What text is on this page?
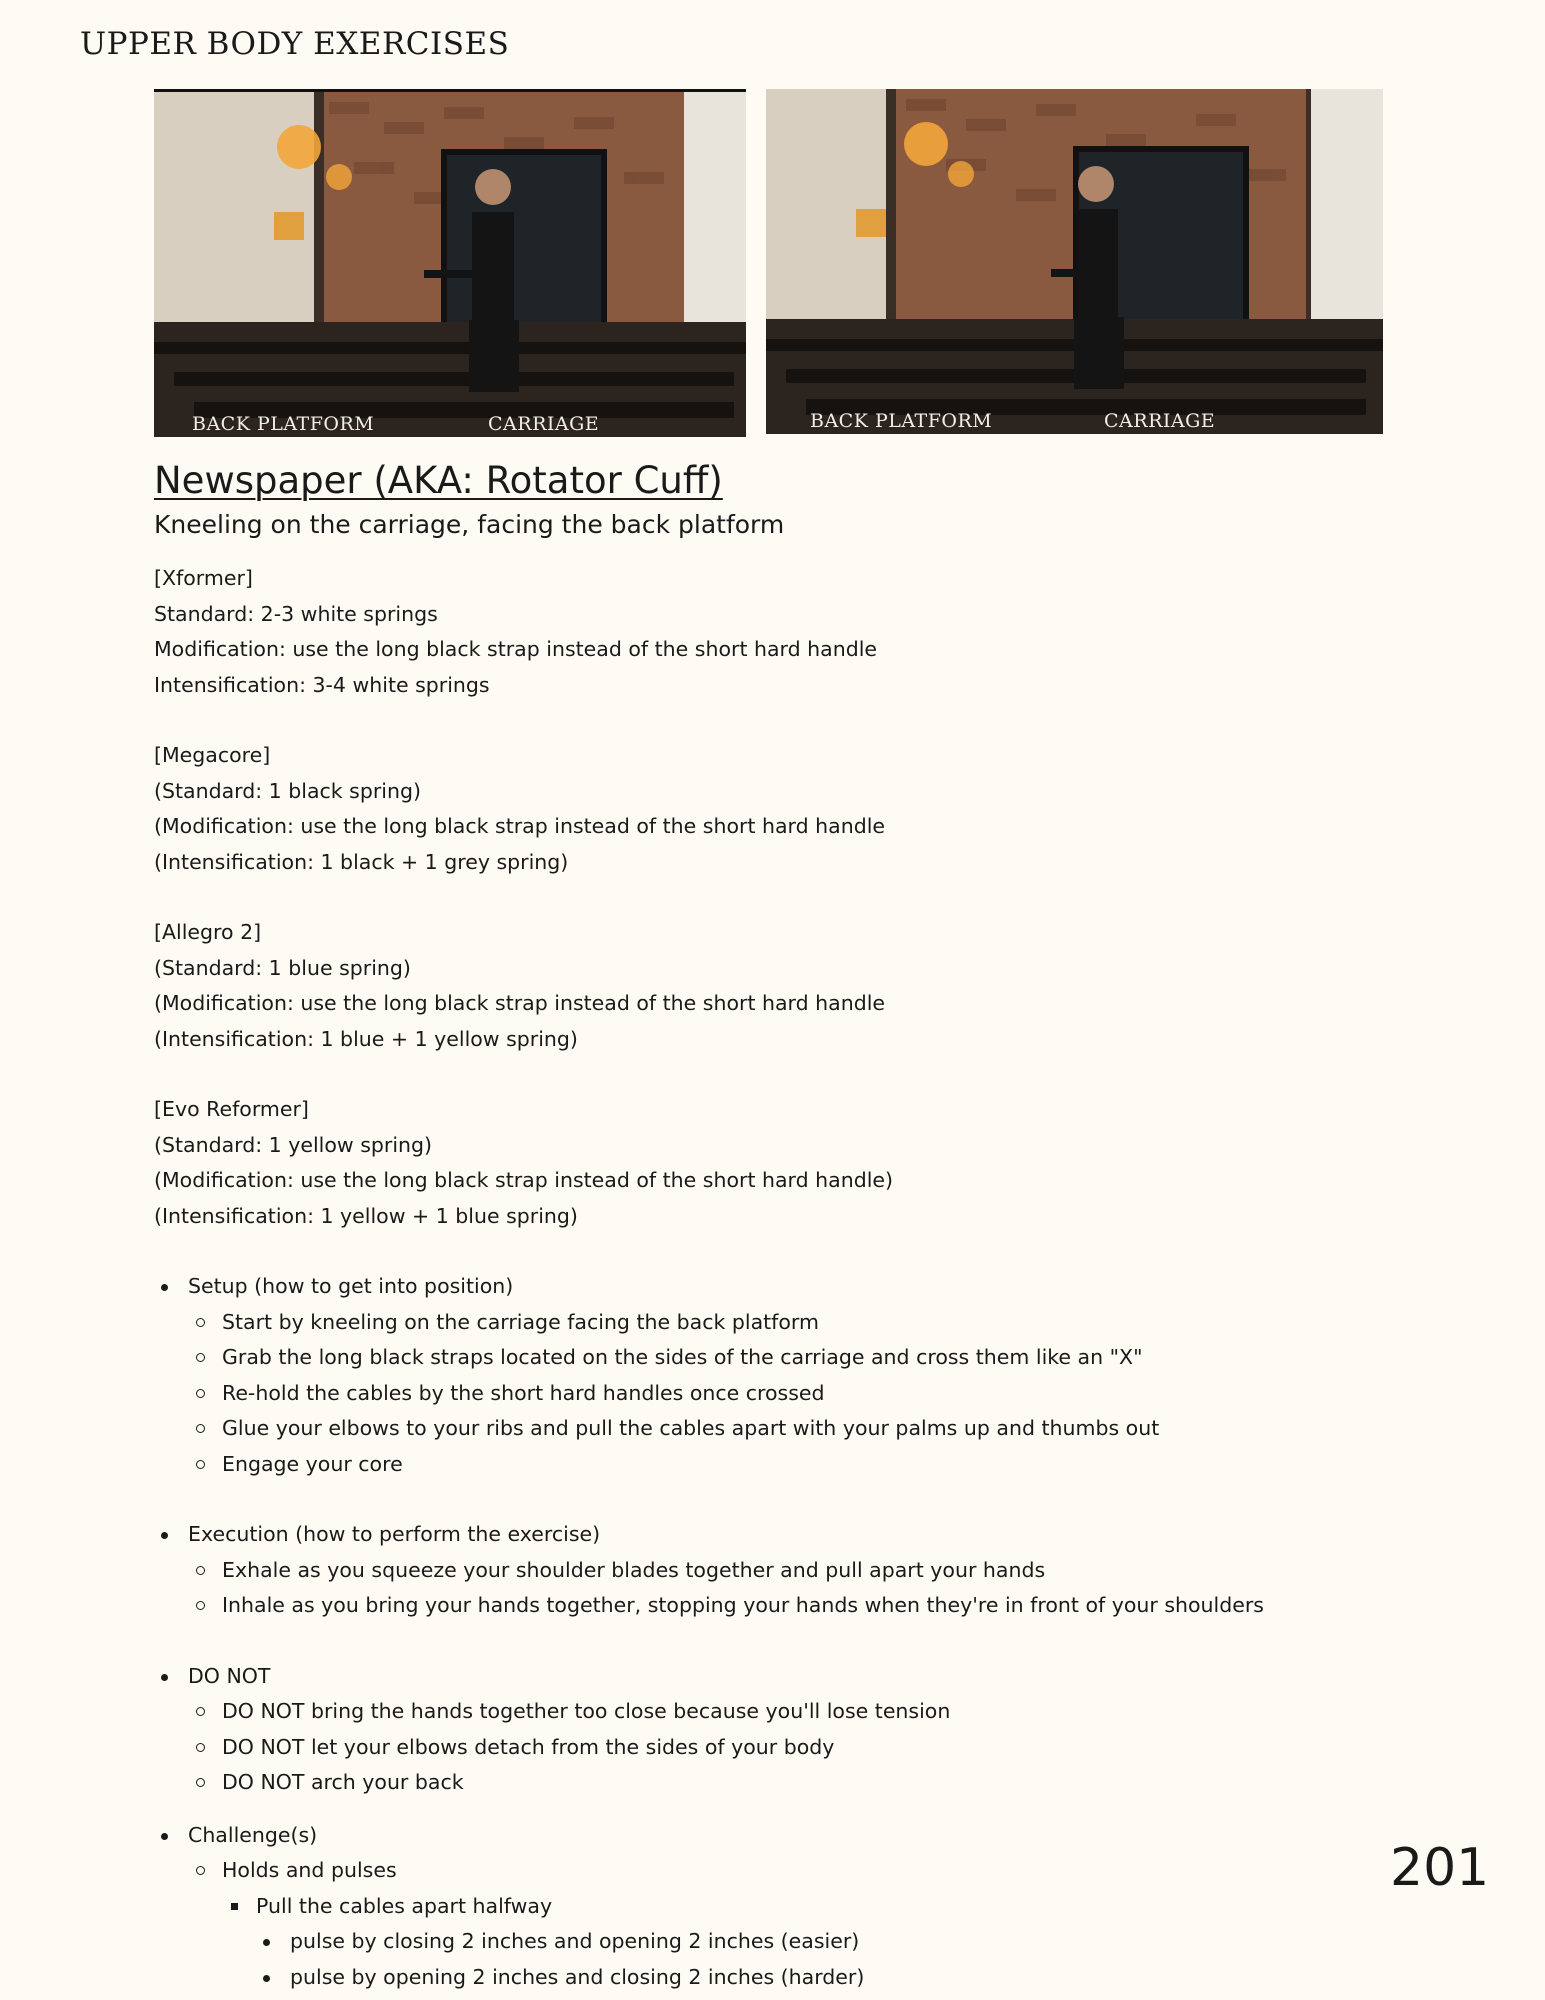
UPPER BODY EXERCISES
BACK PLATFORM	CARRIAGE	BACK PLATFORM	CARRIAGE
Newspaper (AKA: Rotator Cuff)

Kneeling on the carriage, facing the back platform

[Xformer]
Standard: 2-3 white springs
Modification: use the long black strap instead of the short hard handle
Intensification: 3-4 white springs
[Megacore]
(Standard: 1 black spring)
(Modification: use the long black strap instead of the short hard handle
(Intensification: 1 black + 1 grey spring)
[Allegro 2]
(Standard: 1 blue spring)
(Modification: use the long black strap instead of the short hard handle
(Intensification: 1 blue + 1 yellow spring)
[Evo Reformer]
(Standard: 1 yellow spring)
(Modification: use the long black strap instead of the short hard handle)
(Intensification: 1 yellow + 1 blue spring)
Setup (how to get into position)
Start by kneeling on the carriage facing the back platform
Grab the long black straps located on the sides of the carriage and cross them like an "X"
Re-hold the cables by the short hard handles once crossed
Glue your elbows to your ribs and pull the cables apart with your palms up and thumbs out
Engage your core
Execution (how to perform the exercise)
Exhale as you squeeze your shoulder blades together and pull apart your hands
Inhale as you bring your hands together, stopping your hands when they're in front of your shoulders
DO NOT
DO NOT bring the hands together too close because you'll lose tension
DO NOT let your elbows detach from the sides of your body
DO NOT arch your back
Challenge(s)
Holds and pulses
Pull the cables apart halfway
pulse by closing 2 inches and opening 2 inches (easier)
pulse by opening 2 inches and closing 2 inches (harder)
201
